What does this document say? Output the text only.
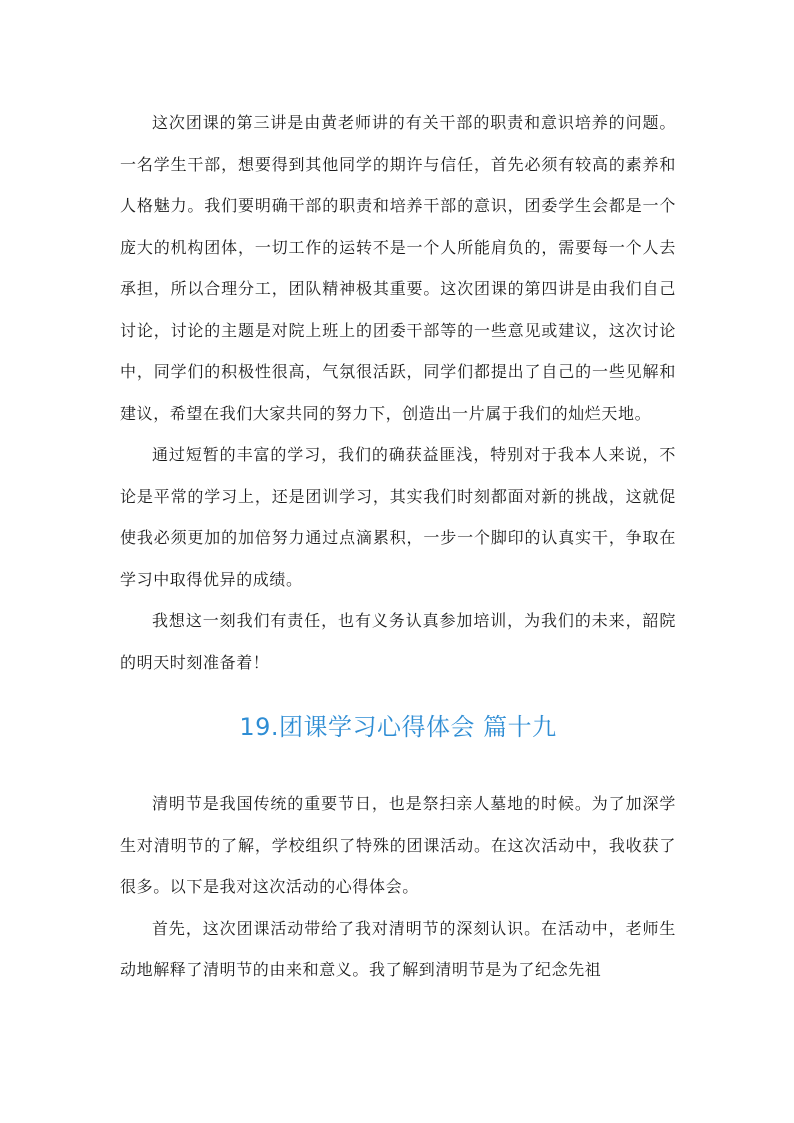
这次团课的第三讲是由黄老师讲的有关干部的职责和意识培养的问题。一名学生干部，想要得到其他同学的期许与信任，首先必须有较高的素养和人格魅力。我们要明确干部的职责和培养干部的意识，团委学生会都是一个庞大的机构团体，一切工作的运转不是一个人所能肩负的，需要每一个人去承担，所以合理分工，团队精神极其重要。这次团课的第四讲是由我们自己讨论，讨论的主题是对院上班上的团委干部等的一些意见或建议，这次讨论中，同学们的积极性很高，气氛很活跃，同学们都提出了自己的一些见解和建议，希望在我们大家共同的努力下，创造出一片属于我们的灿烂天地。

通过短暂的丰富的学习，我们的确获益匪浅，特别对于我本人来说，不论是平常的学习上，还是团训学习，其实我们时刻都面对新的挑战，这就促使我必须更加的加倍努力通过点滴累积，一步一个脚印的认真实干，争取在学习中取得优异的成绩。

我想这一刻我们有责任，也有义务认真参加培训，为我们的未来，韶院的明天时刻准备着！

19.团课学习心得体会 篇十九

清明节是我国传统的重要节日，也是祭扫亲人墓地的时候。为了加深学生对清明节的了解，学校组织了特殊的团课活动。在这次活动中，我收获了很多。以下是我对这次活动的心得体会。

首先，这次团课活动带给了我对清明节的深刻认识。在活动中，老师生动地解释了清明节的由来和意义。我了解到清明节是为了纪念先祖
